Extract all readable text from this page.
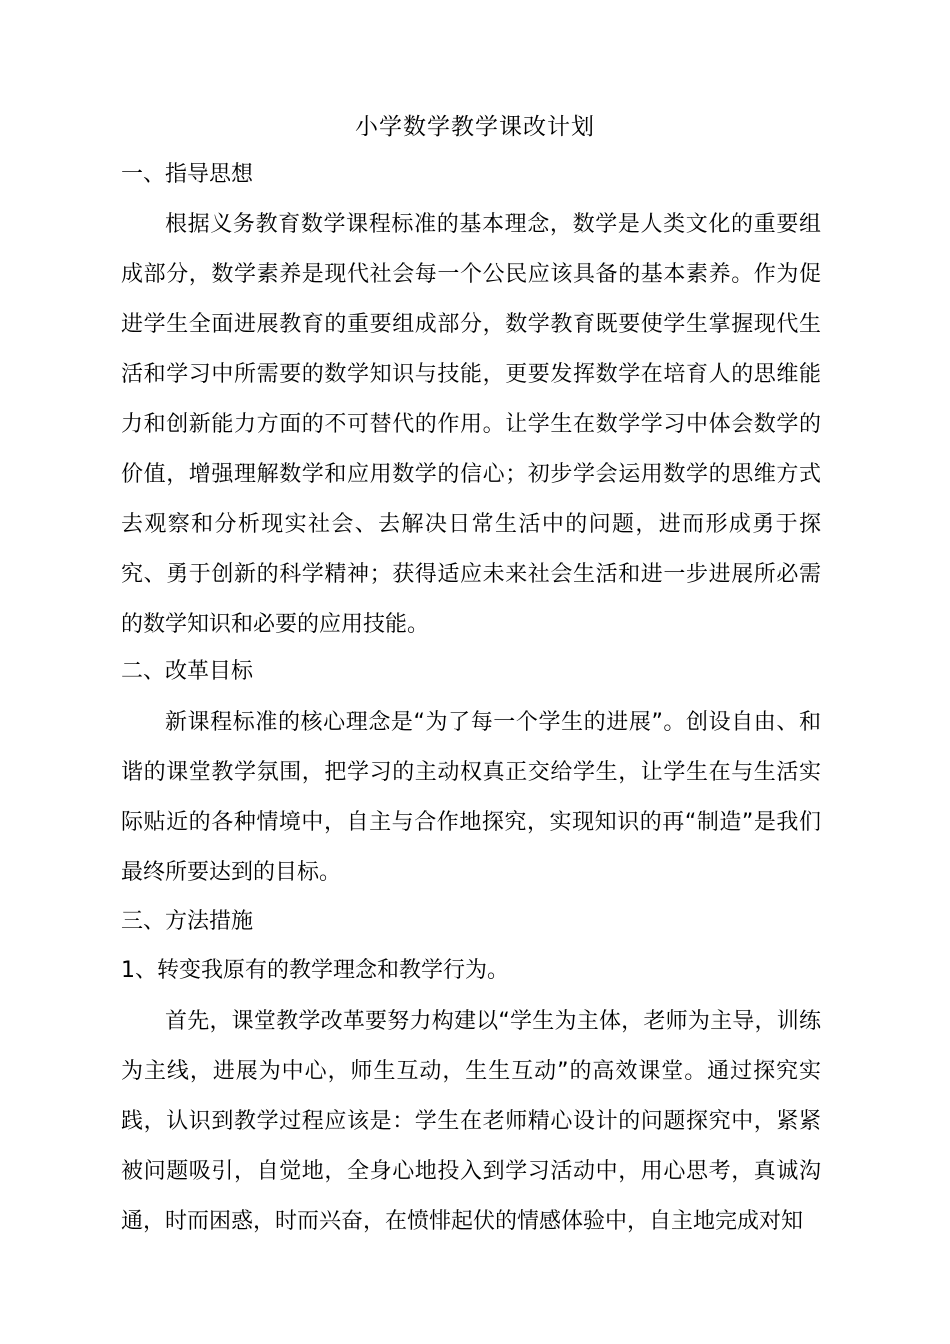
小学数学教学课改计划
一、指导思想

根据义务教育数学课程标准的基本理念，数学是人类文化的重要组成部分，数学素养是现代社会每一个公民应该具备的基本素养。作为促进学生全面进展教育的重要组成部分，数学教育既要使学生掌握现代生活和学习中所需要的数学知识与技能，更要发挥数学在培育人的思维能力和创新能力方面的不可替代的作用。让学生在数学学习中体会数学的价值，增强理解数学和应用数学的信心；初步学会运用数学的思维方式去观察和分析现实社会、去解决日常生活中的问题，进而形成勇于探究、勇于创新的科学精神；获得适应未来社会生活和进一步进展所必需的数学知识和必要的应用技能。

二、改革目标

新课程标准的核心理念是“为了每一个学生的进展”。创设自由、和谐的课堂教学氛围，把学习的主动权真正交给学生，让学生在与生活实际贴近的各种情境中，自主与合作地探究，实现知识的再“制造”是我们最终所要达到的目标。

三、方法措施
1、转变我原有的教学理念和教学行为。

首先，课堂教学改革要努力构建以“学生为主体，老师为主导，训练为主线，进展为中心，师生互动，生生互动”的高效课堂。通过探究实践，认识到教学过程应该是：学生在老师精心设计的问题探究中，紧紧被问题吸引，自觉地，全身心地投入到学习活动中，用心思考，真诚沟通，时而困惑，时而兴奋，在愤悱起伏的情感体验中，自主地完成对知
